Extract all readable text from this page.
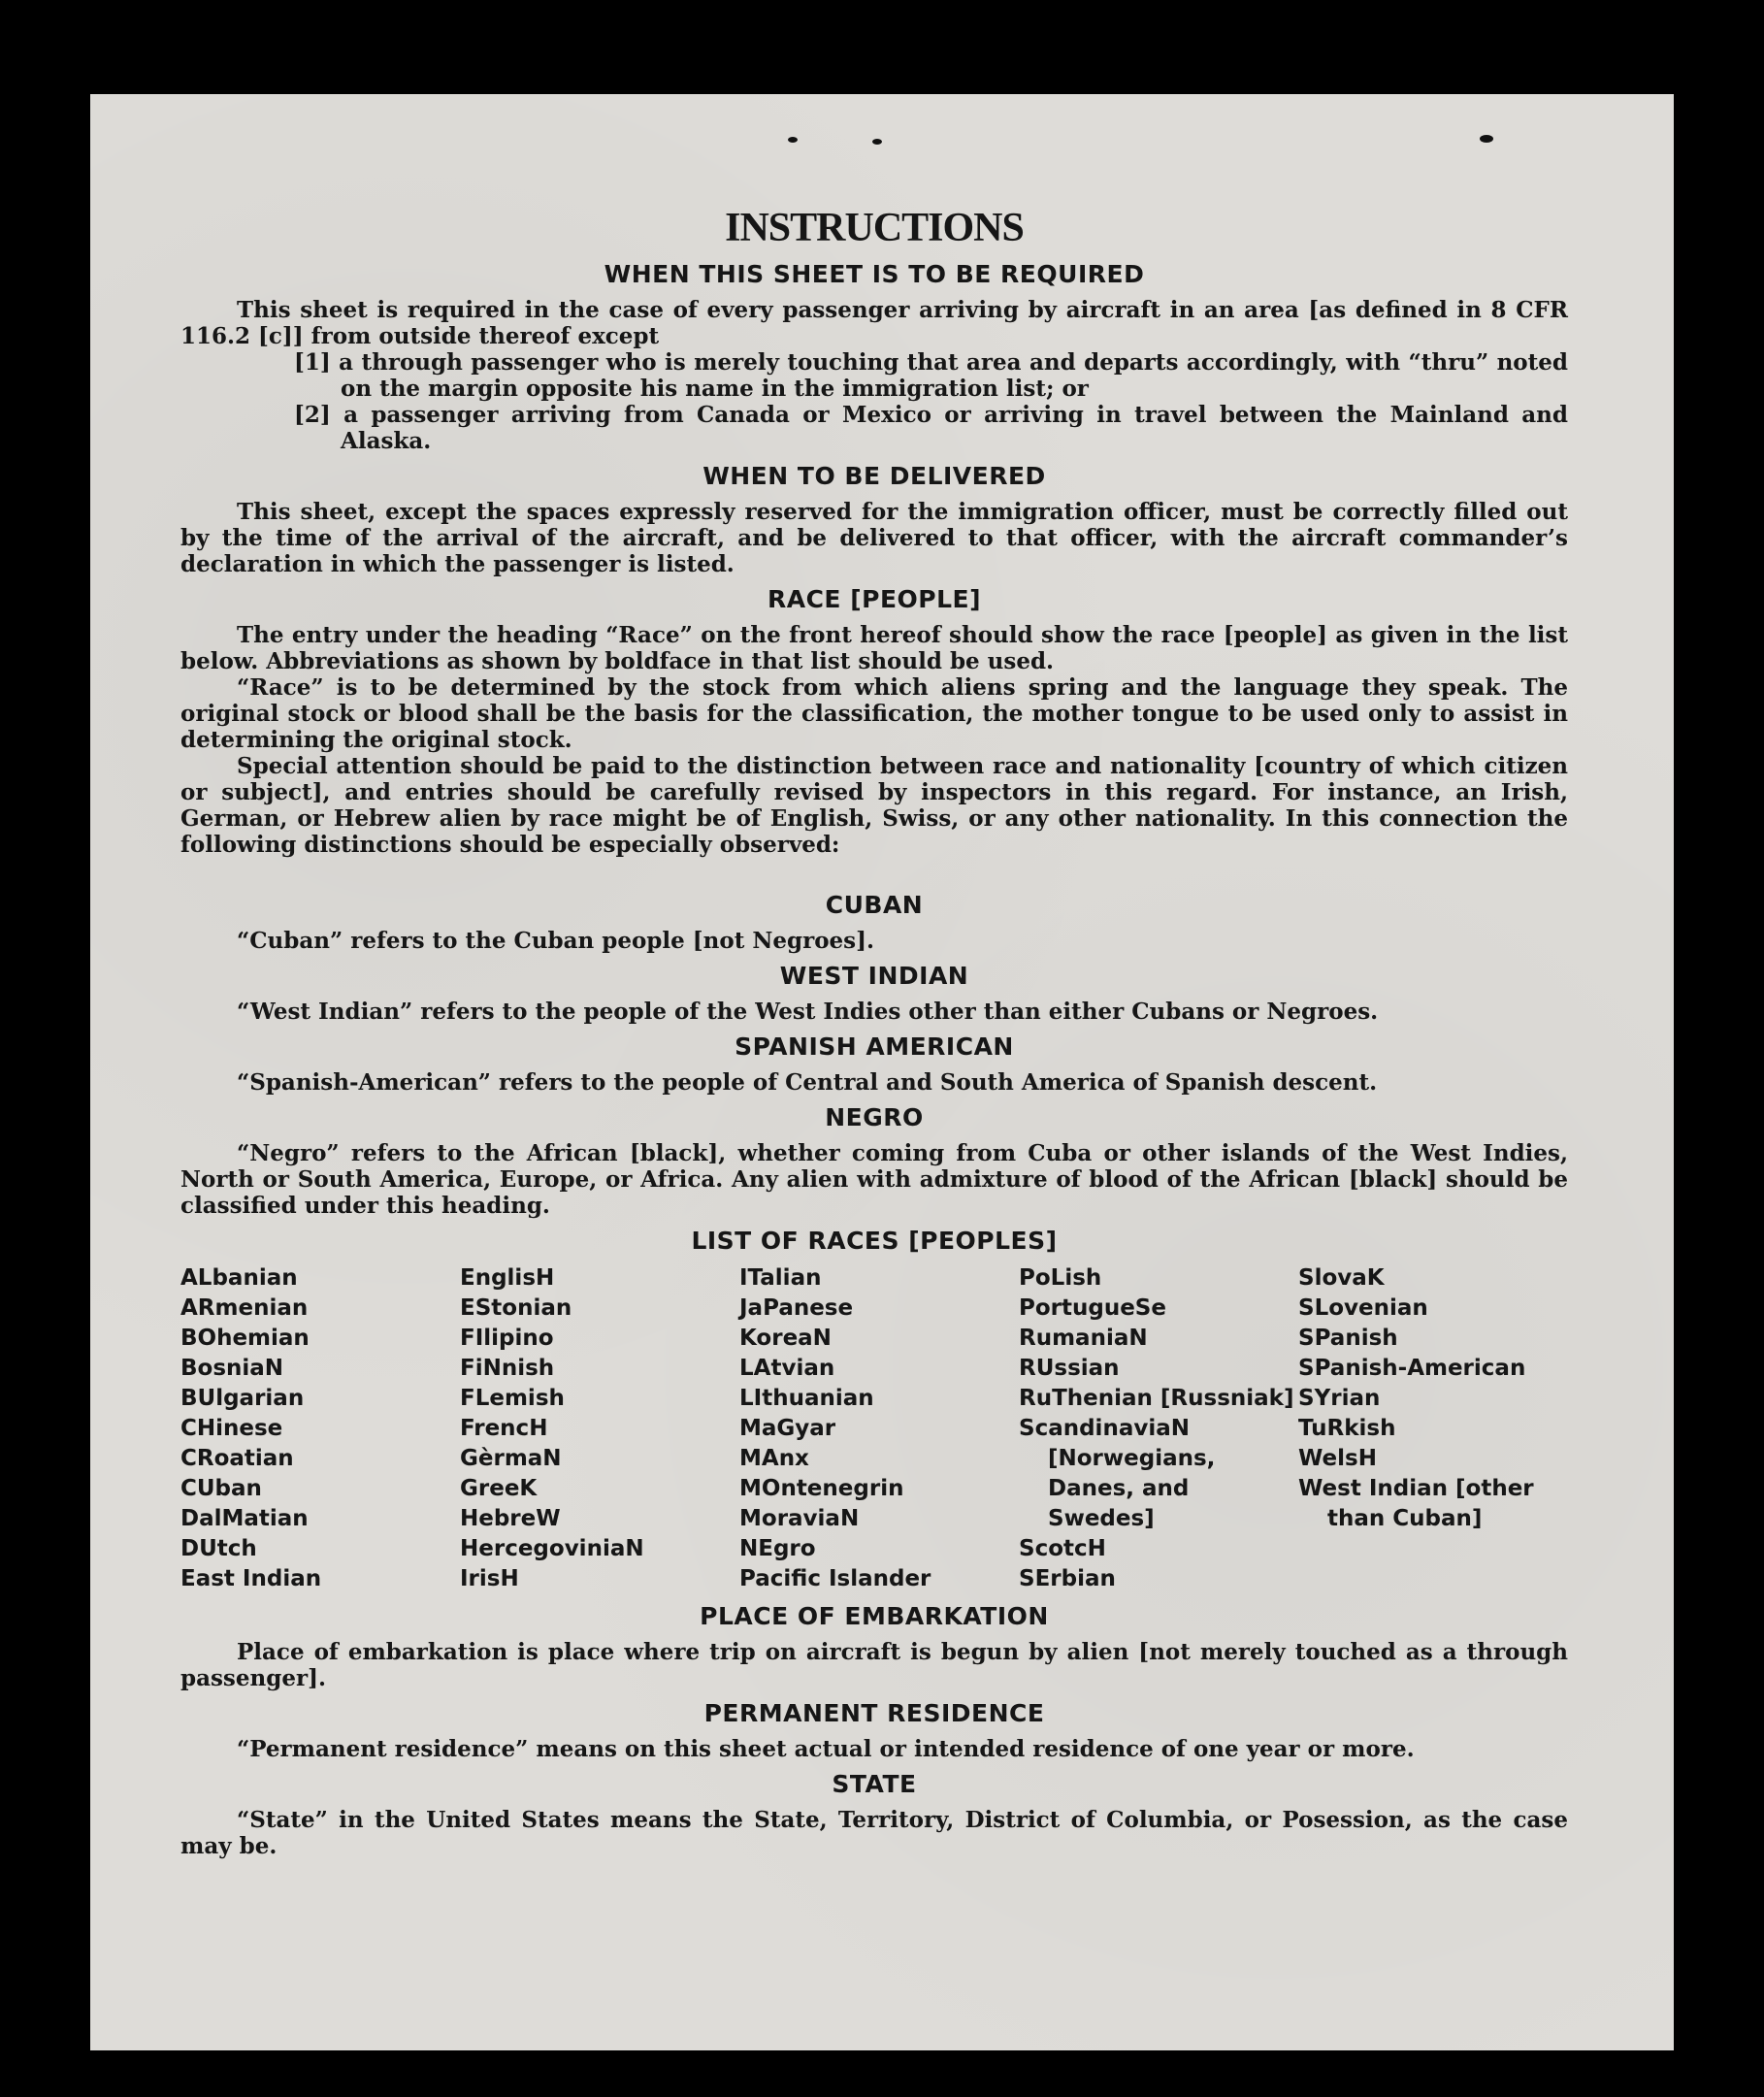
INSTRUCTIONS
WHEN THIS SHEET IS TO BE REQUIRED

This sheet is required in the case of every passenger arriving by aircraft in an area [as defined in 8 CFR 116.2 [c]] from outside thereof except

[1] a through passenger who is merely touching that area and departs accordingly, with “thru” noted on the margin opposite his name in the immigration list; or
[2] a passenger arriving from Canada or Mexico or arriving in travel between the Mainland and Alaska.
WHEN TO BE DELIVERED

This sheet, except the spaces expressly reserved for the immigration officer, must be correctly filled out by the time of the arrival of the aircraft, and be delivered to that officer, with the aircraft commander’s declaration in which the passenger is listed.

RACE [PEOPLE]

The entry under the heading “Race” on the front hereof should show the race [people] as given in the list below. Abbreviations as shown by boldface in that list should be used.

“Race” is to be determined by the stock from which aliens spring and the language they speak. The original stock or blood shall be the basis for the classification, the mother tongue to be used only to assist in determining the original stock.

Special attention should be paid to the distinction between race and nationality [country of which citizen or subject], and entries should be carefully revised by inspectors in this regard. For instance, an Irish, German, or Hebrew alien by race might be of English, Swiss, or any other nationality. In this connection the following distinctions should be especially observed:

CUBAN

“Cuban” refers to the Cuban people [not Negroes].

WEST INDIAN

“West Indian” refers to the people of the West Indies other than either Cubans or Negroes.

SPANISH AMERICAN

“Spanish-American” refers to the people of Central and South America of Spanish descent.

NEGRO

“Negro” refers to the African [black], whether coming from Cuba or other islands of the West Indies, North or South America, Europe, or Africa. Any alien with admixture of blood of the African [black] should be classified under this heading.

LIST OF RACES [PEOPLES]
ALbanian
ARmenian
BOhemian
BosniaN
BUlgarian
CHinese
CRoatian
CUban
DalMatian
DUtch
East Indian
EnglisH
EStonian
FIlipino
FiNnish
FLemish
FrencH
GèrmaN
GreeK
HebreW
HercegoviniaN
IrisH
ITalian
JaPanese
KoreaN
LAtvian
LIthuanian
MaGyar
MAnx
MOntenegrin
MoraviaN
NEgro
Pacific Islander
PoLish
PortugueSe
RumaniaN
RUssian
RuThenian [Russniak]
ScandinaviaN [Norwegians, Danes, and Swedes]
ScotcH
SErbian
SlovaK
SLovenian
SPanish
SPanish-American
SYrian
TuRkish
WelsH
West Indian [other than Cuban]
PLACE OF EMBARKATION

Place of embarkation is place where trip on aircraft is begun by alien [not merely touched as a through passenger].

PERMANENT RESIDENCE

“Permanent residence” means on this sheet actual or intended residence of one year or more.

STATE

“State” in the United States means the State, Territory, District of Columbia, or Posession, as the case may be.
